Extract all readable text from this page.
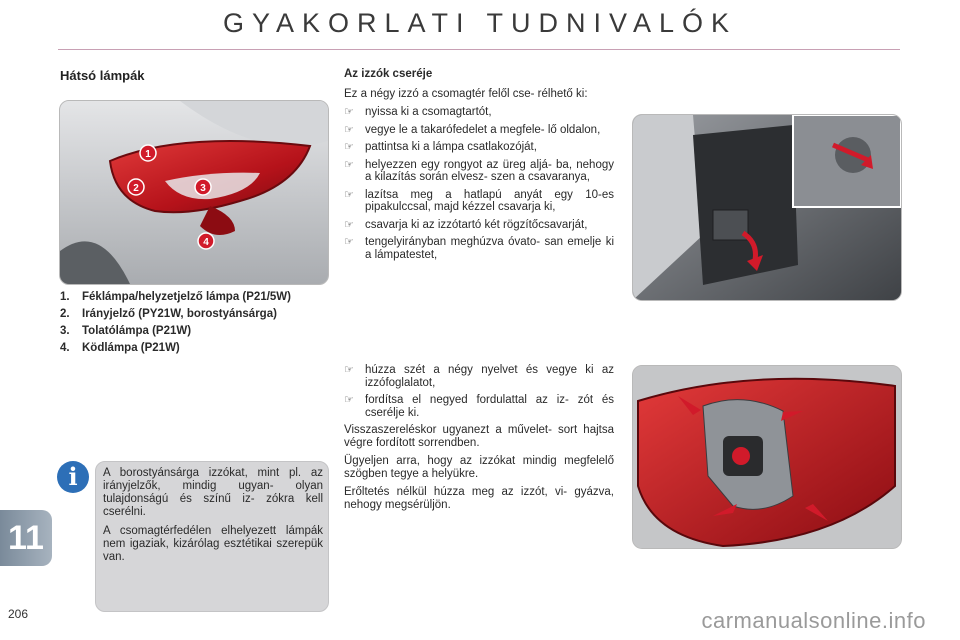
GYAKORLATI TUDNIVALÓK
Hátsó lámpák
1
2	3
4
1.	Féklámpa/helyzetjelző lámpa (P21/5W)
2.	Irányjelző (PY21W, borostyánsárga)
3.	Tolatólámpa (P21W)
4.	Ködlámpa (P21W)
i	A borostyánsárga izzókat, mint pl. az irányjelzők, mindig ugyan- olyan tulajdonságú és színű iz- zókra kell cserélni.

A csomagtérfedélen elhelyezett lámpák nem igaziak, kizárólag esztétikai szerepük van.

Az izzók cseréje

Ez a négy izzó a csomagtér felől cse- rélhető ki:

☞ nyissa ki a csomagtartót,
☞ vegye le a takarófedelet a megfele- lő oldalon,
☞ pattintsa ki a lámpa csatlakozóját,
☞ helyezzen egy rongyot az üreg aljá- ba, nehogy a kilazítás során elvesz- szen a csavaranya,
☞ lazítsa meg a hatlapú anyát egy 10-es pipakulccsal, majd kézzel csavarja ki,
☞ csavarja ki az izzótartó két rögzítőcsavarját,
☞ tengelyirányban meghúzva óvato- san emelje ki a lámpatestet,
☞ húzza szét a négy nyelvet és vegye ki az izzófoglalatot,
☞ fordítsa el negyed fordulattal az iz- zót és cserélje ki.

Visszaszereléskor ugyanezt a művelet- sort hajtsa végre fordított sorrendben.

Ügyeljen arra, hogy az izzókat mindig megfelelő szögben tegye a helyükre.

Erőltetés nélkül húzza meg az izzót, vi- gyázva, nehogy megsérüljön.

11
206	carmanualsonline.info
